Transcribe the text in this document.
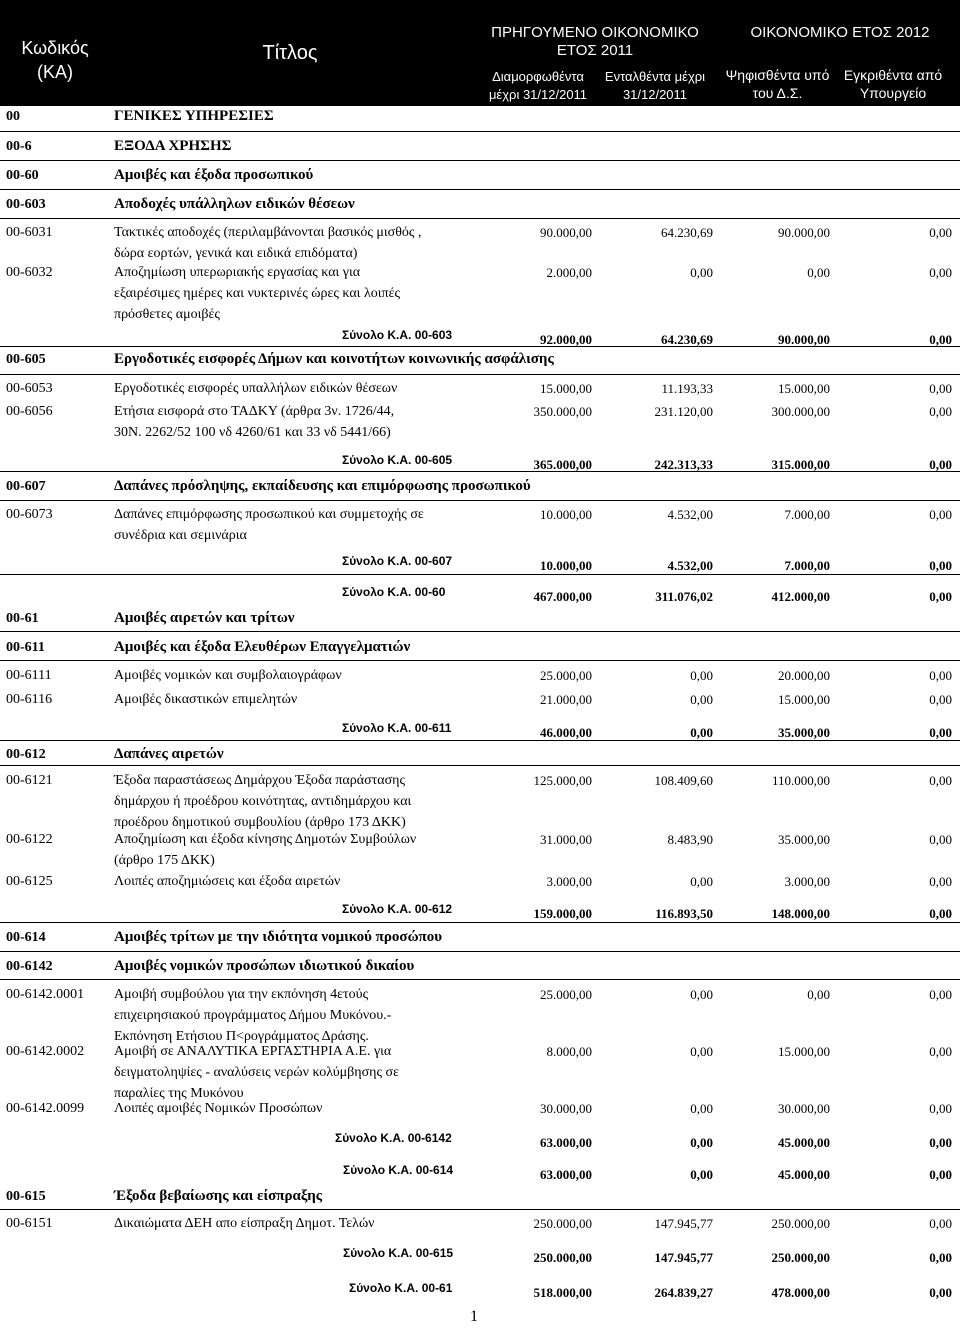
Κωδικός (ΚΑ)
Τίτλος
ΠΡΗΓΟΥΜΕΝΟ ΟΙΚΟΝΟΜΙΚΟ ΕΤΟΣ 2011
Διαμορφωθέντα μέχρι 31/12/2011
Ενταλθέντα μέχρι 31/12/2011
ΟΙΚΟΝΟΜΙΚΟ ΕΤΟΣ 2012
Ψηφισθέντα υπό του Δ.Σ.
Εγκριθέντα από Υπουργείο
00	ΓΕΝΙΚΕΣ ΥΠΗΡΕΣΙΕΣ
00-6	ΕΞΟΔΑ ΧΡΗΣΗΣ
00-60	Αμοιβές και έξοδα προσωπικού
00-603	Αποδοχές υπάλληλων ειδικών θέσεων
00-6031	Τακτικές αποδοχές (περιλαμβάνονται βασικός μισθός ,
δώρα εορτών, γενικά και ειδικά επιδόματα)
90.000,00	64.230,69	90.000,00	0,00
00-6032	Αποζημίωση υπερωριακής εργασίας και για
εξαιρέσιμες ημέρες και νυκτερινές ώρες και λοιπές
πρόσθετες αμοιβές
2.000,00	0,00	0,00	0,00
Σύνολο Κ.Α. 00-603	92.000,00	64.230,69	90.000,00	0,00
00-605	Εργοδοτικές εισφορές Δήμων και κοινοτήτων κοινωνικής ασφάλισης
00-6053	Εργοδοτικές εισφορές υπαλλήλων ειδικών θέσεων	15.000,00	11.193,33	15.000,00	0,00
00-6056	Ετήσια εισφορά στο ΤΑΔΚΥ (άρθρα 3ν. 1726/44,
30Ν. 2262/52 100 νδ 4260/61 και 33 νδ 5441/66)
350.000,00	231.120,00	300.000,00	0,00
Σύνολο Κ.Α. 00-605	365.000,00	242.313,33	315.000,00	0,00
00-607	Δαπάνες πρόσληψης, εκπαίδευσης και επιμόρφωσης προσωπικού
00-6073	Δαπάνες επιμόρφωσης προσωπικού και συμμετοχής σε
συνέδρια και σεμινάρια
10.000,00	4.532,00	7.000,00	0,00
Σύνολο Κ.Α. 00-607	10.000,00	4.532,00	7.000,00	0,00
Σύνολο Κ.Α. 00-60	467.000,00	311.076,02	412.000,00	0,00
00-61	Αμοιβές αιρετών και τρίτων
00-611	Αμοιβές και έξοδα Ελευθέρων Επαγγελματιών
00-6111	Αμοιβές νομικών και συμβολαιογράφων	25.000,00	0,00	20.000,00	0,00
00-6116	Αμοιβές δικαστικών επιμελητών	21.000,00	0,00	15.000,00	0,00
Σύνολο Κ.Α. 00-611	46.000,00	0,00	35.000,00	0,00
00-612	Δαπάνες αιρετών
00-6121	Έξοδα παραστάσεως Δημάρχου Έξοδα παράστασης
δημάρχου ή προέδρου κοινότητας, αντιδημάρχου και
προέδρου δημοτικού συμβουλίου (άρθρο 173 ΔΚΚ)
125.000,00	108.409,60	110.000,00	0,00
00-6122	Αποζημίωση και έξοδα κίνησης Δημοτών Συμβούλων
(άρθρο 175 ΔΚΚ)
31.000,00	8.483,90	35.000,00	0,00
00-6125	Λοιπές αποζημιώσεις και έξοδα αιρετών	3.000,00	0,00	3.000,00	0,00
Σύνολο Κ.Α. 00-612	159.000,00	116.893,50	148.000,00	0,00
00-614	Αμοιβές τρίτων με την ιδιότητα νομικού προσώπου
00-6142	Αμοιβές νομικών προσώπων ιδιωτικού δικαίου
00-6142.0001 Αμοιβή συμβούλου για την εκπόνηση 4ετούς
επιχειρησιακού προγράμματος Δήμου Μυκόνου.-
Εκπόνηση Ετήσιου Π<ρογράμματος Δράσης.
25.000,00	0,00	0,00	0,00
00-6142.0002 Αμοιβή σε ΑΝΑΛΥΤΙΚΑ ΕΡΓΑΣΤΗΡΙΑ Α.Ε. για
δειγματοληψίες - αναλύσεις νερών κολύμβησης σε
παραλίες της Μυκόνου
8.000,00	0,00	15.000,00	0,00
00-6142.0099 Λοιπές αμοιβές Νομικών Προσώπων	30.000,00	0,00	30.000,00	0,00
Σύνολο Κ.Α. 00-6142	63.000,00	0,00	45.000,00	0,00
Σύνολο Κ.Α. 00-614	63.000,00	0,00	45.000,00	0,00
00-615	Έξοδα βεβαίωσης και είσπραξης
00-6151	Δικαιώματα ΔΕΗ απο είσπραξη Δημοτ. Τελών	250.000,00	147.945,77	250.000,00	0,00
Σύνολο Κ.Α. 00-615	250.000,00	147.945,77	250.000,00	0,00
Σύνολο Κ.Α. 00-61	518.000,00	264.839,27	478.000,00	0,00
1
